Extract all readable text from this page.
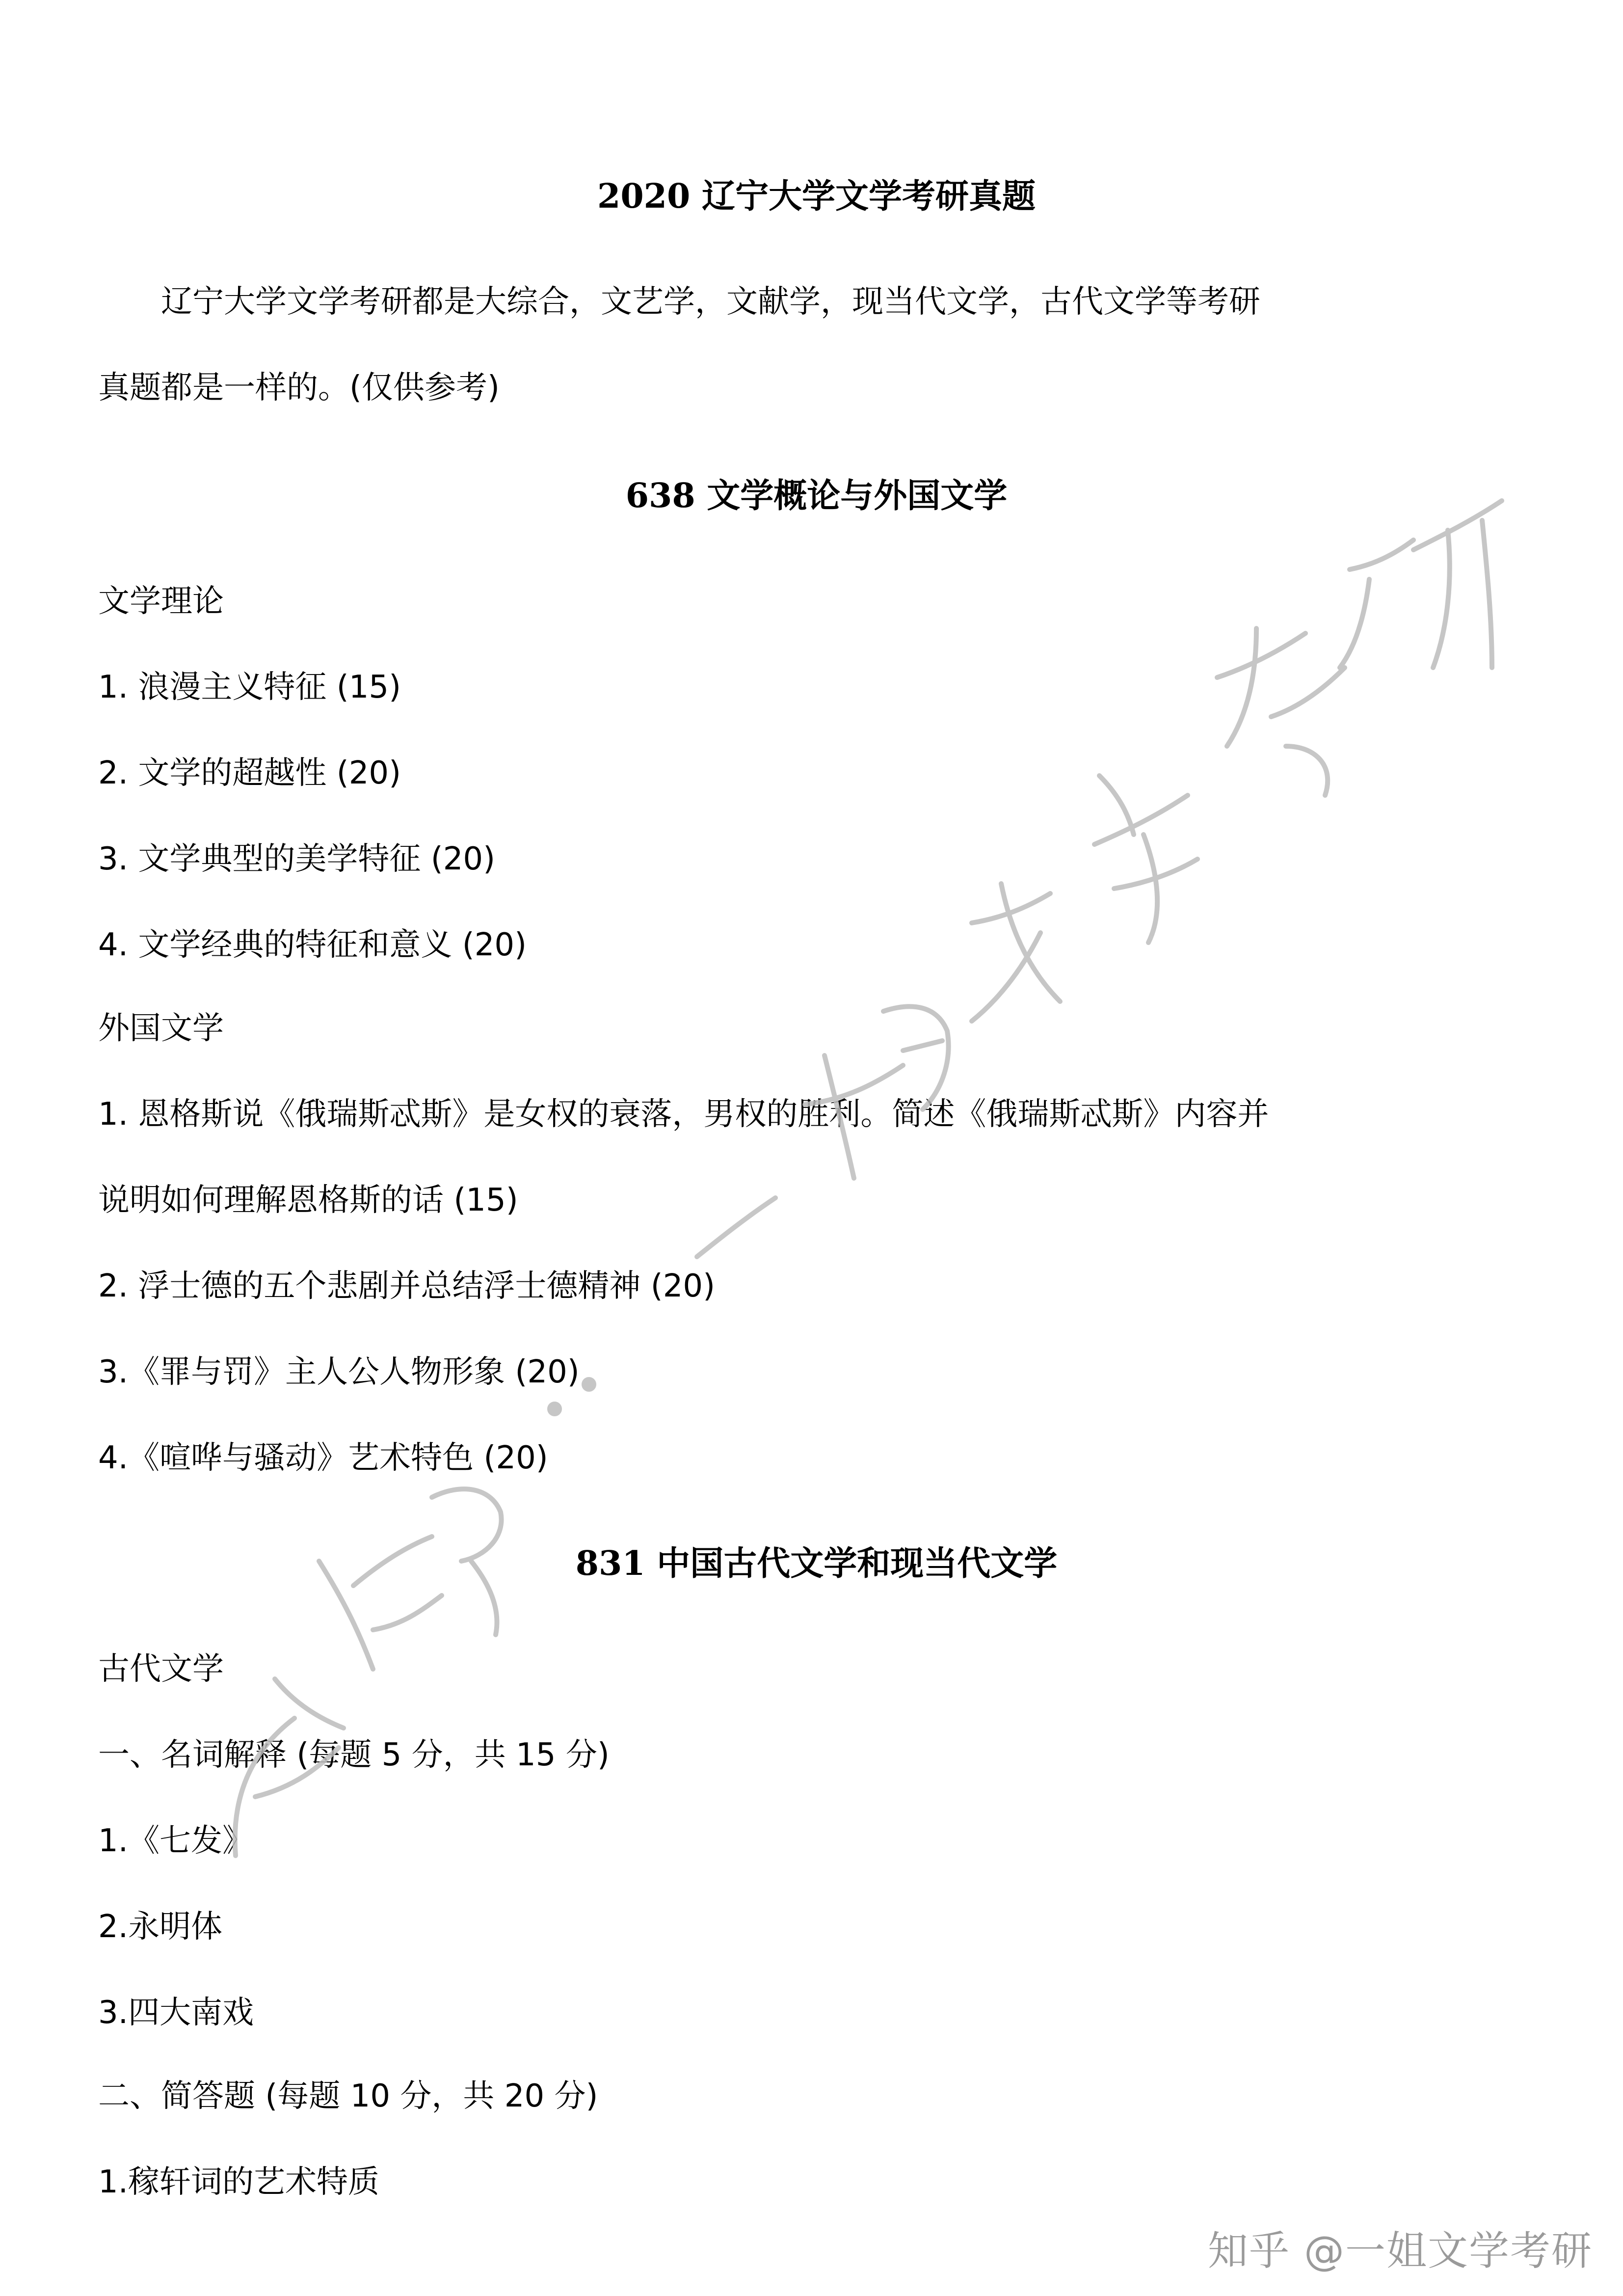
2020 辽宁大学文学考研真题
辽宁大学文学考研都是大综合，文艺学，文献学，现当代文学，古代文学等考研
真题都是一样的。(仅供参考)
638 文学概论与外国文学
文学理论
1. 浪漫主义特征 (15)
2. 文学的超越性 (20)
3. 文学典型的美学特征 (20)
4. 文学经典的特征和意义 (20)
外国文学
1. 恩格斯说《俄瑞斯忒斯》是女权的衰落，男权的胜利。简述《俄瑞斯忒斯》内容并
说明如何理解恩格斯的话 (15)
2. 浮士德的五个悲剧并总结浮士德精神 (20)
3.《罪与罚》主人公人物形象 (20)
4.《喧哗与骚动》艺术特色 (20)
831 中国古代文学和现当代文学
古代文学
一、名词解释 (每题 5 分，共 15 分)
1.《七发》
2.永明体
3.四大南戏
二、简答题 (每题 10 分，共 20 分)
1.稼轩词的艺术特质
知乎 @一姐文学考研
